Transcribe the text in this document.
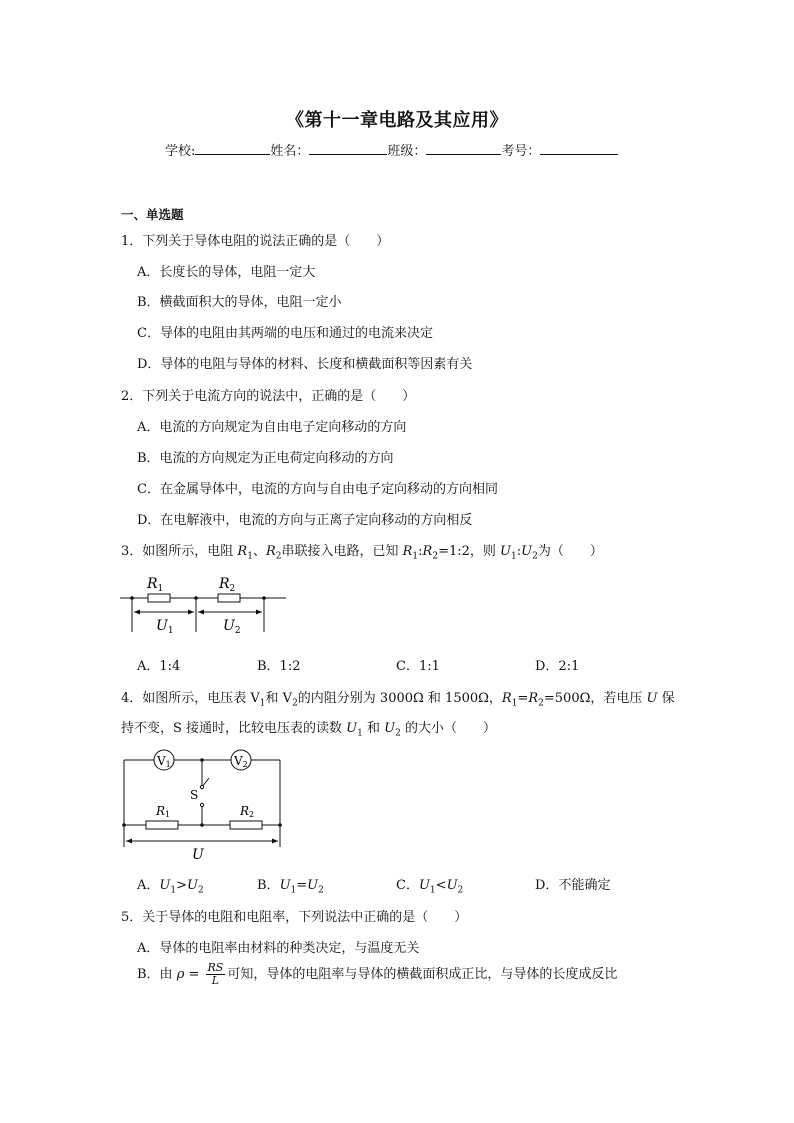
《第十一章电路及其应用》
学校:	姓名：	班级：	考号：
一、单选题
1．下列关于导体电阻的说法正确的是（　　）
A．长度长的导体，电阻一定大
B．横截面积大的导体，电阻一定小
C．导体的电阻由其两端的电压和通过的电流来决定
D．导体的电阻与导体的材料、长度和横截面积等因素有关
2．下列关于电流方向的说法中，正确的是（　　）
A．电流的方向规定为自由电子定向移动的方向
B．电流的方向规定为正电荷定向移动的方向
C．在金属导体中，电流的方向与自由电子定向移动的方向相同
D．在电解液中，电流的方向与正离子定向移动的方向相反
3．如图所示，电阻 $R_1$、$R_2$串联接入电路，已知 $R_1:R_2=1:2$，则 $U_1:U_2$为（　　）
$R_1$	$R_2$
$U_1$	$U_2$
A．1:4	B．1:2	C．1:1	D．2:1
4．如图所示，电压表 $V_1$和 $V_2$的内阻分别为 3000Ω 和 1500Ω，$R_1=R_2=500\Omega$，若电压 U 保
持不变，S 接通时，比较电压表的读数 $U_1$ 和 $U_2$ 的大小（　　）
V1	V2
S
R1	R2
U
A．$U_1>U_2$	B．$U_1=U_2$	C．$U_1<U_2$	D．不能确定
5．关于导体的电阻和电阻率，下列说法中正确的是（　　）
A．导体的电阻率由材料的种类决定，与温度无关
B．由 $\rho = \frac{RS}{L}$ 可知，导体的电阻率与导体的横截面积成正比，与导体的长度成反比
